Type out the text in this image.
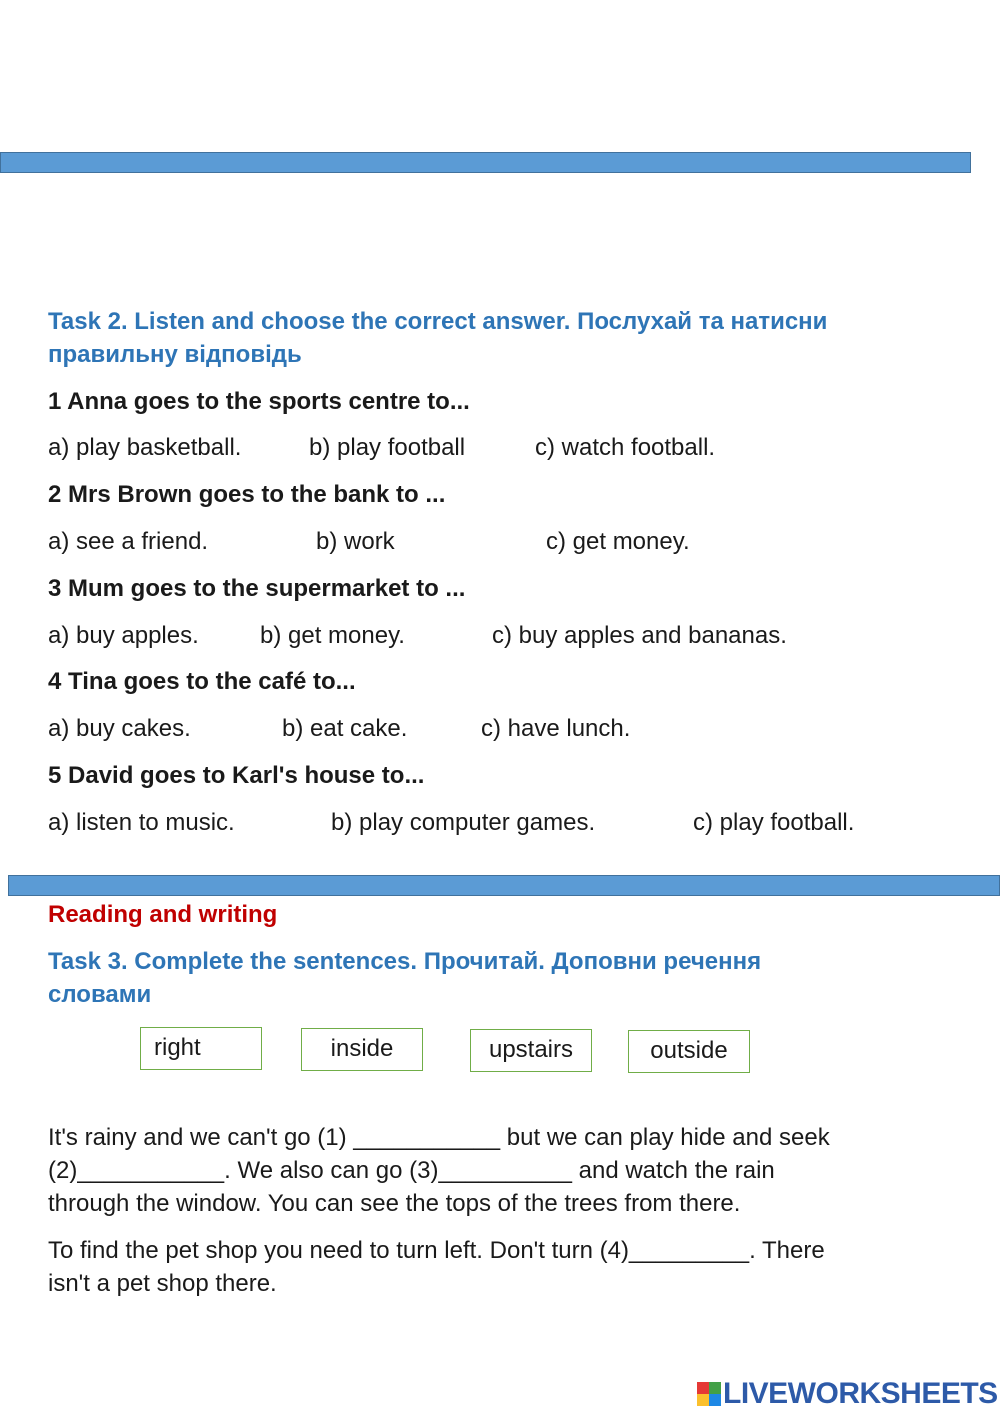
Task 2. Listen and choose the correct answer. Послухай та натисни
правильну відповідь
1 Anna goes to the sports centre to...
a) play basketball.	b) play football	c) watch football.
2 Mrs Brown goes to the bank to ...
a) see a friend.	b) work	c) get money.
3 Mum goes to the supermarket to ...
a) buy apples.	b) get money.	c) buy apples and bananas.
4 Tina goes to the café to...
a) buy cakes.	b) eat cake.	c) have lunch.
5 David goes to Karl's house to...
a) listen to music.	b) play computer games.	c) play football.
Reading and writing
Task 3. Complete the sentences. Прочитай. Доповни речення
словами
right	inside	upstairs	outside
It's rainy and we can't go (1) ___________ but we can play hide and seek
(2)___________. We also can go (3)__________ and watch the rain
through the window. You can see the tops of the trees from there.
To find the pet shop you need to turn left. Don't turn (4)_________. There
isn't a pet shop there.
LIVEWORKSHEETS
